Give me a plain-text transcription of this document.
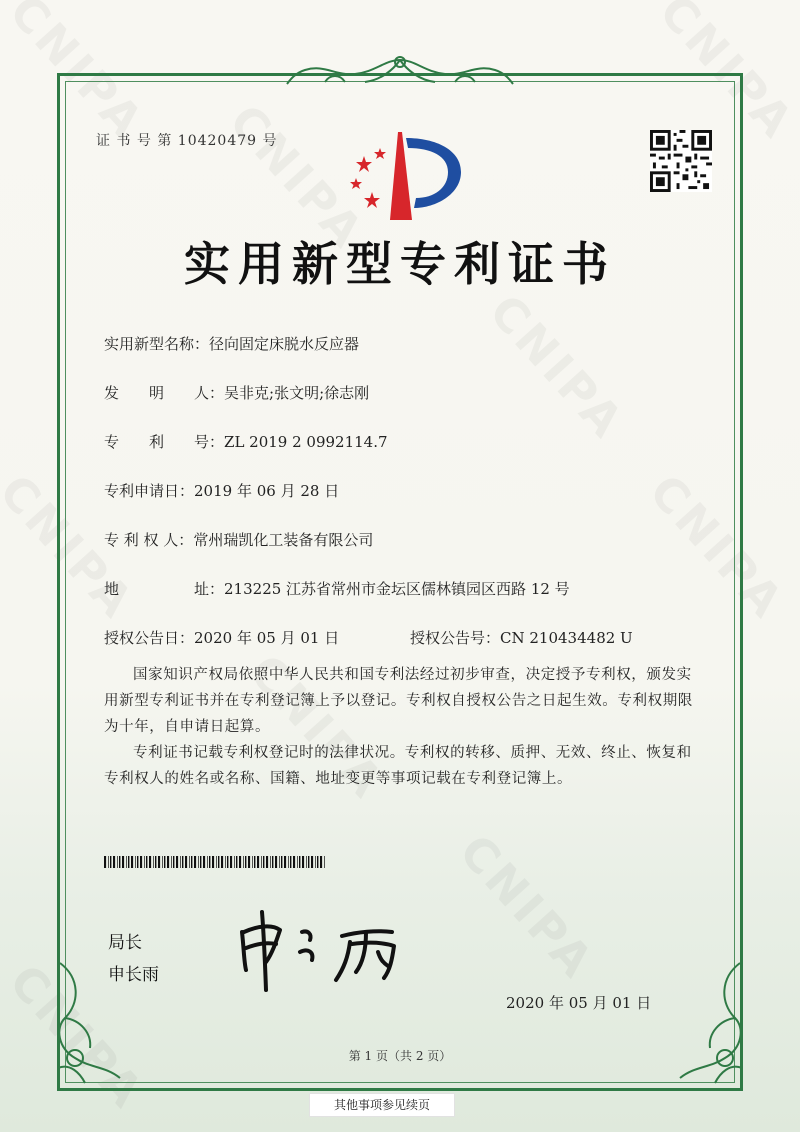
证 书 号 第 10420479 号
实用新型专利证书
实用新型名称：径向固定床脱水反应器
发　　明　　人：吴非克;张文明;徐志刚
专　　利　　号：ZL 2019 2 0992114.7
专利申请日：2019 年 06 月 28 日
专 利 权 人：常州瑞凯化工装备有限公司
地　　　　　址：213225 江苏省常州市金坛区儒林镇园区西路 12 号
授权公告日：2020 年 05 月 01 日	授权公告号：CN 210434482 U
国家知识产权局依照中华人民共和国专利法经过初步审查，决定授予专利权，颁发实用新型专利证书并在专利登记簿上予以登记。专利权自授权公告之日起生效。专利权期限为十年，自申请日起算。
专利证书记载专利权登记时的法律状况。专利权的转移、质押、无效、终止、恢复和专利权人的姓名或名称、国籍、地址变更等事项记载在专利登记簿上。
局长
申长雨
2020 年 05 月 01 日
第 1 页（共 2 页）
其他事项参见续页
